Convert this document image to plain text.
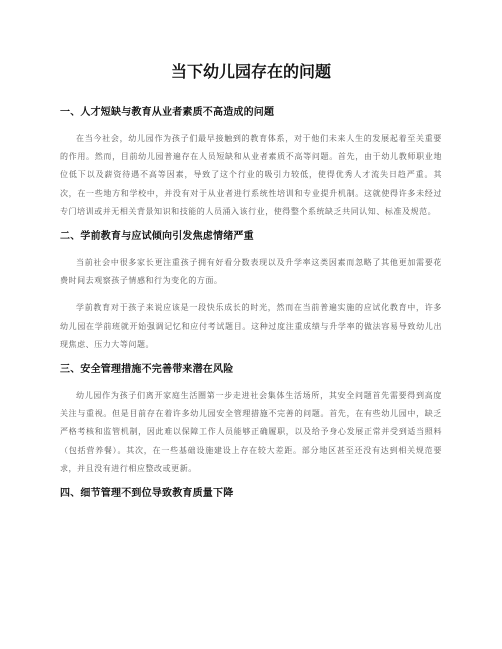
当下幼儿园存在的问题
一、人才短缺与教育从业者素质不高造成的问题

在当今社会，幼儿园作为孩子们最早接触到的教育体系，对于他们未来人生的发展起着至关重要的作用。然而，目前幼儿园普遍存在人员短缺和从业者素质不高等问题。首先，由于幼儿教师职业地位低下以及薪资待遇不高等因素，导致了这个行业的吸引力较低，使得优秀人才流失日趋严重。其次，在一些地方和学校中，并没有对于从业者进行系统性培训和专业提升机制。这就使得许多未经过专门培训或并无相关背景知识和技能的人员涌入该行业，使得整个系统缺乏共同认知、标准及规范。

二、学前教育与应试倾向引发焦虑情绪严重

当前社会中很多家长更注重孩子拥有好看分数表现以及升学率这类因素而忽略了其他更加需要花费时间去观察孩子情感和行为变化的方面。

学前教育对于孩子来说应该是一段快乐成长的时光，然而在当前普遍实施的应试化教育中，许多幼儿园在学前班就开始强调记忆和应付考试题目。这种过度注重成绩与升学率的做法容易导致幼儿出现焦虑、压力大等问题。

三、安全管理措施不完善带来潜在风险

幼儿园作为孩子们离开家庭生活圈第一步走进社会集体生活场所，其安全问题首先需要得到高度关注与重视。但是目前存在着许多幼儿园安全管理措施不完善的问题。首先，在有些幼儿园中，缺乏严格考核和监管机制，因此难以保障工作人员能够正确履职，以及给予身心发展正常并受到适当照料（包括营养餐）。其次，在一些基础设施建设上存在较大差距。部分地区甚至还没有达到相关规范要求，并且没有进行相应整改或更新。

四、细节管理不到位导致教育质量下降
